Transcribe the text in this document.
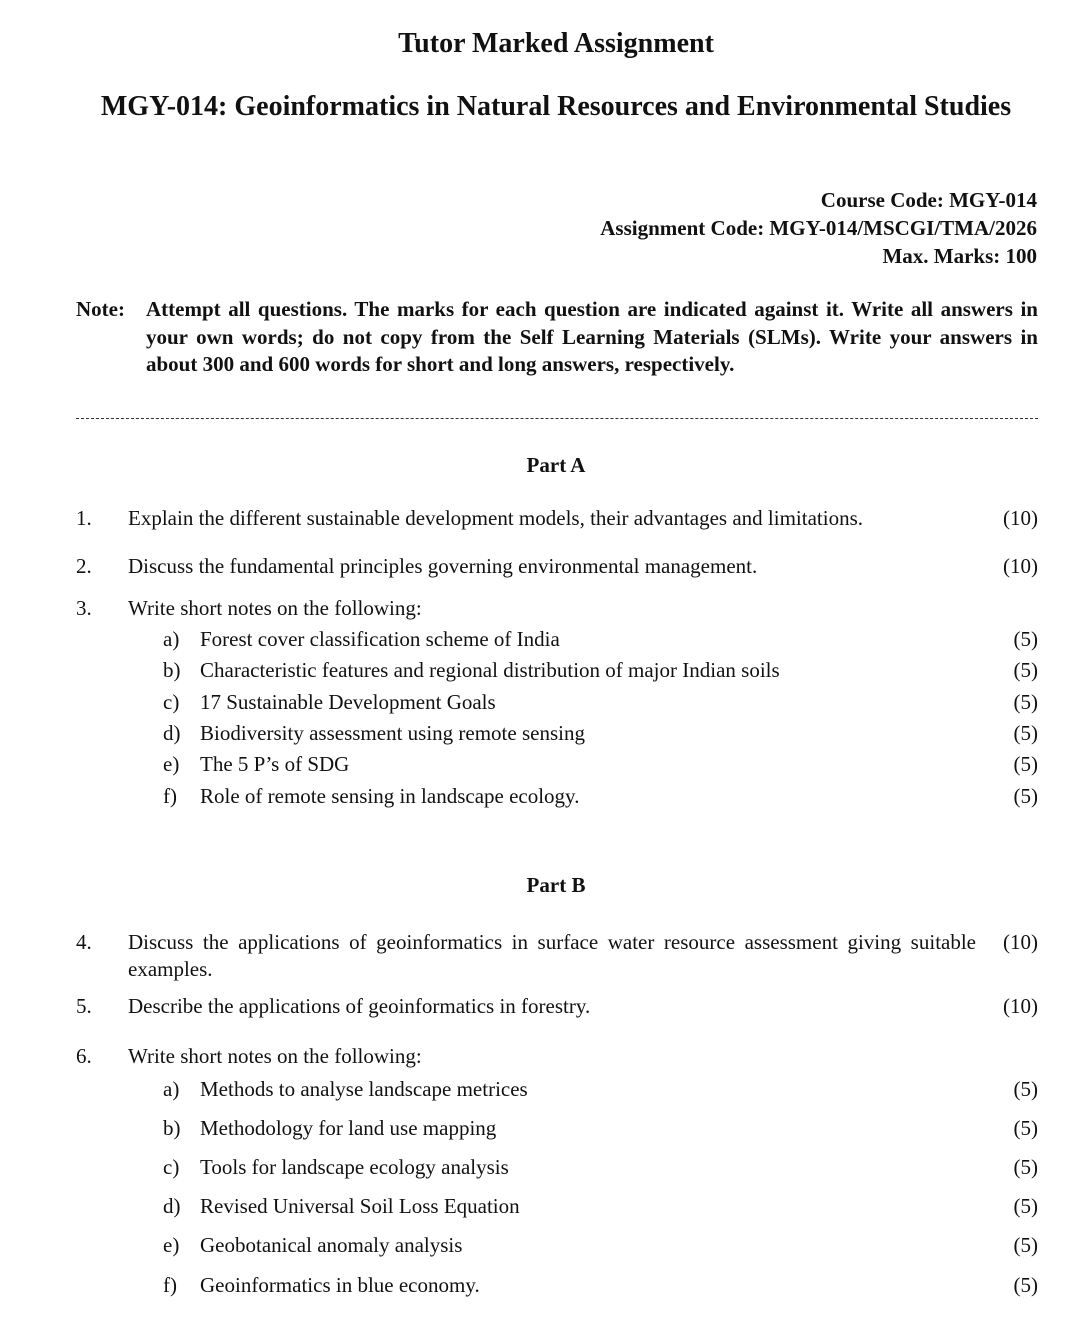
Tutor Marked Assignment
MGY-014: Geoinformatics in Natural Resources and Environmental Studies
Course Code: MGY-014
Assignment Code: MGY-014/MSCGI/TMA/2026
Max. Marks: 100
Note:	Attempt all questions. The marks for each question are indicated against it. Write all answers in your own words; do not copy from the Self Learning Materials (SLMs). Write your answers in about 300 and 600 words for short and long answers, respectively.
Part A
1.	Explain the different sustainable development models, their advantages and limitations.	(10)
2.	Discuss the fundamental principles governing environmental management.	(10)
3.	Write short notes on the following:
a) Forest cover classification scheme of India	(5)
b) Characteristic features and regional distribution of major Indian soils	(5)
c) 17 Sustainable Development Goals	(5)
d) Biodiversity assessment using remote sensing	(5)
e) The 5 P’s of SDG	(5)
f)	Role of remote sensing in landscape ecology.	(5)
Part B
4.	Discuss the applications of geoinformatics in surface water resource assessment giving suitable examples.
(10)
5.	Describe the applications of geoinformatics in forestry.	(10)
6.	Write short notes on the following:
a) Methods to analyse landscape metrices	(5)
b) Methodology for land use mapping	(5)
c) Tools for landscape ecology analysis	(5)
d) Revised Universal Soil Loss Equation	(5)
e) Geobotanical anomaly analysis	(5)
f)	Geoinformatics in blue economy.	(5)
